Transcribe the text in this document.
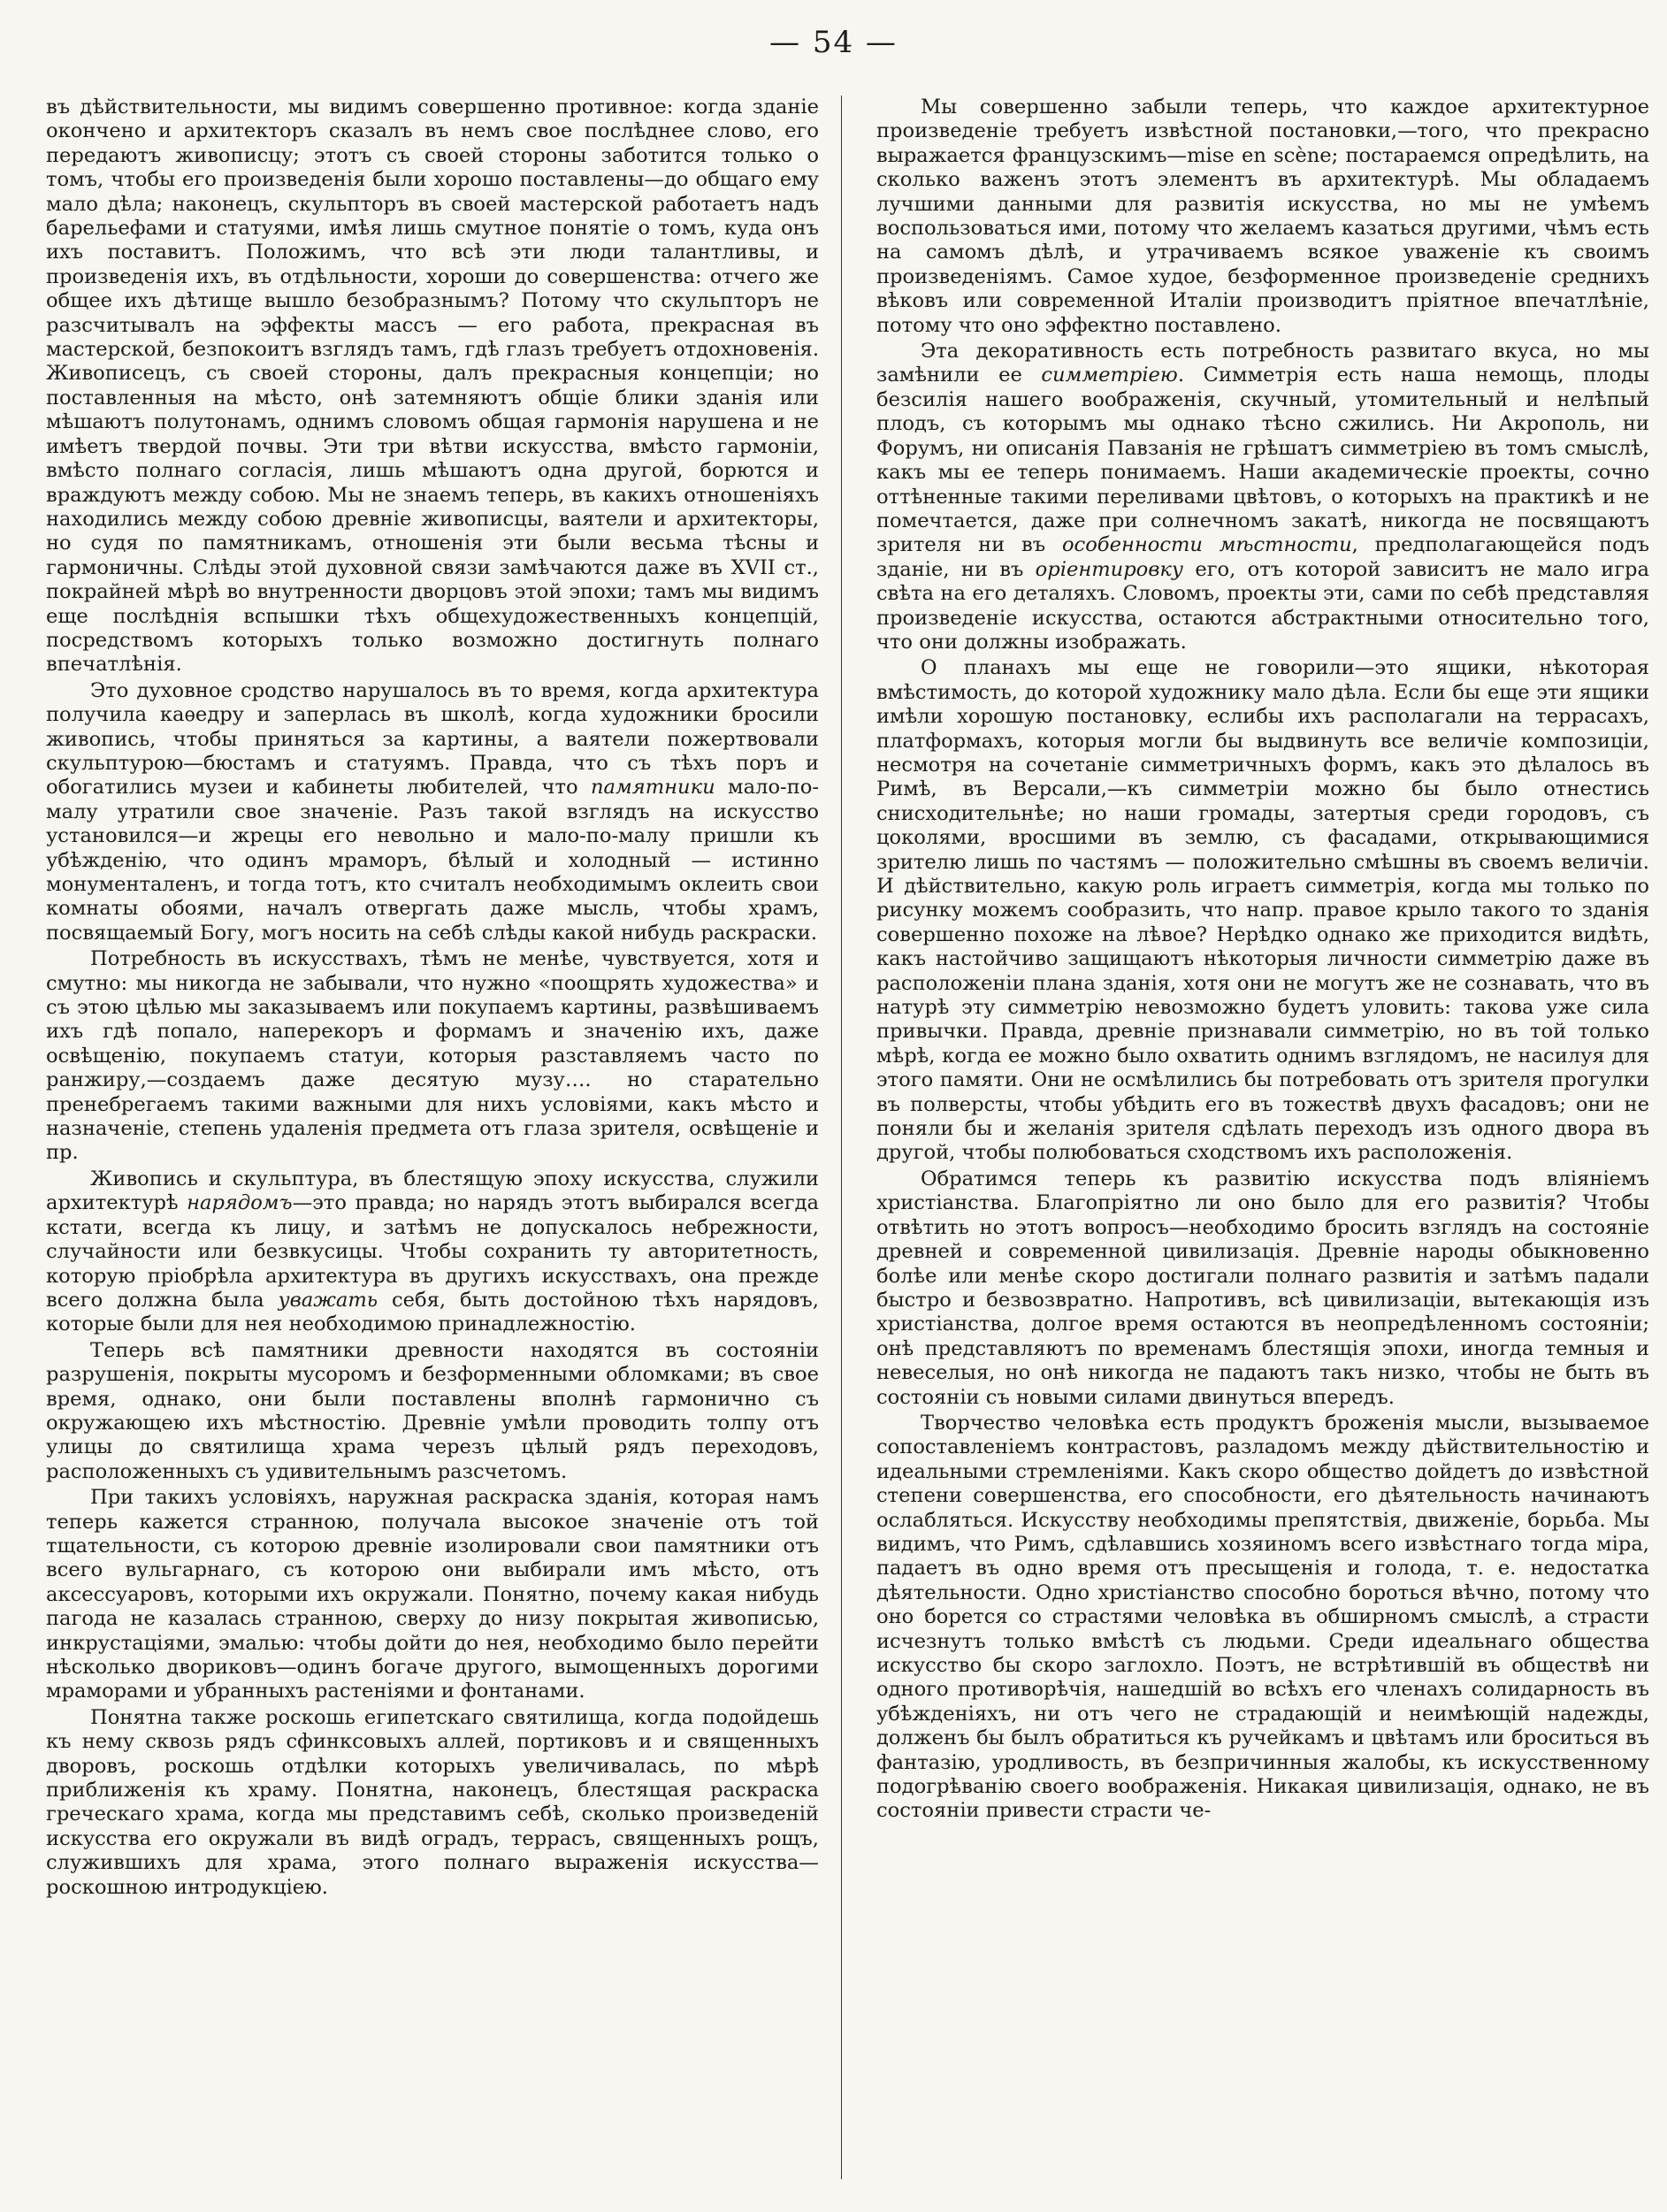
— 54 —

въ дѣйствительности, мы видимъ совершенно противное: когда зданіе окончено и архитекторъ сказалъ въ немъ свое послѣднее слово, его передаютъ живописцу; этотъ съ своей стороны заботится только о томъ, чтобы его произведенія были хорошо поставлены—до общаго ему мало дѣла; наконецъ, скульпторъ въ своей мастерской работаетъ надъ барельефами и статуями, имѣя лишь смутное понятіе о томъ, куда онъ ихъ поставитъ. Положимъ, что всѣ эти люди талантливы, и произведенія ихъ, въ отдѣльности, хороши до совершенства: отчего же общее ихъ дѣтище вышло безобразнымъ? Потому что скульпторъ не разсчитывалъ на эффекты массъ — его работа, прекрасная въ мастерской, безпокоитъ взглядъ тамъ, гдѣ глазъ требуетъ отдохновенія. Живописецъ, съ своей стороны, далъ прекрасныя концепціи; но поставленныя на мѣсто, онѣ затемняютъ общіе блики зданія или мѣшаютъ полутонамъ, однимъ словомъ общая гармонія нарушена и не имѣетъ твердой почвы. Эти три вѣтви искусства, вмѣсто гармоніи, вмѣсто полнаго согласія, лишь мѣшаютъ одна другой, борются и враждуютъ между собою. Мы не знаемъ теперь, въ какихъ отношеніяхъ находились между собою древніе живописцы, ваятели и архитекторы, но судя по памятникамъ, отношенія эти были весьма тѣсны и гармоничны. Слѣды этой духовной связи замѣчаются даже въ XVII ст., покрайней мѣрѣ во внутренности дворцовъ этой эпохи; тамъ мы видимъ еще послѣднія вспышки тѣхъ общехудожественныхъ концепцій, посредствомъ которыхъ только возможно достигнуть полнаго впечатлѣнія.

Это духовное сродство нарушалось въ то время, когда архитектура получила каѳедру и заперлась въ школѣ, когда художники бросили живопись, чтобы приняться за картины, а ваятели пожертвовали скульптурою—бюстамъ и статуямъ. Правда, что съ тѣхъ поръ и обогатились музеи и кабинеты любителей, что памятники мало-по-малу утратили свое значеніе. Разъ такой взглядъ на искусство установился—и жрецы его невольно и мало-по-малу пришли къ убѣжденію, что одинъ мраморъ, бѣлый и холодный — истинно монументаленъ, и тогда тотъ, кто считалъ необходимымъ оклеить свои комнаты обоями, началъ отвергать даже мысль, чтобы храмъ, посвящаемый Богу, могъ носить на себѣ слѣды какой нибудь раскраски.

Потребность въ искусствахъ, тѣмъ не менѣе, чувствуется, хотя и смутно: мы никогда не забывали, что нужно «поощрять художества» и съ этою цѣлью мы заказываемъ или покупаемъ картины, развѣшиваемъ ихъ гдѣ попало, наперекоръ и формамъ и значенію ихъ, даже освѣщенію, покупаемъ статуи, которыя разставляемъ часто по ранжиру,—создаемъ даже десятую музу…. но старательно пренебрегаемъ такими важными для нихъ условіями, какъ мѣсто и назначеніе, степень удаленія предмета отъ глаза зрителя, освѣщеніе и пр.

Живопись и скульптура, въ блестящую эпоху искусства, служили архитектурѣ нарядомъ—это правда; но нарядъ этотъ выбирался всегда кстати, всегда къ лицу, и затѣмъ не допускалось небрежности, случайности или безвкусицы. Чтобы сохранить ту авторитетность, которую пріобрѣла архитектура въ другихъ искусствахъ, она прежде всего должна была уважать себя, быть достойною тѣхъ нарядовъ, которые были для нея необходимою принадлежностію.

Теперь всѣ памятники древности находятся въ состояніи разрушенія, покрыты мусоромъ и безформенными обломками; въ свое время, однако, они были поставлены вполнѣ гармонично съ окружающею ихъ мѣстностію. Древніе умѣли проводить толпу отъ улицы до святилища храма черезъ цѣлый рядъ переходовъ, расположенныхъ съ удивительнымъ разсчетомъ.

При такихъ условіяхъ, наружная раскраска зданія, которая намъ теперь кажется странною, получала высокое значеніе отъ той тщательности, съ которою древніе изолировали свои памятники отъ всего вульгарнаго, съ которою они выбирали имъ мѣсто, отъ аксессуаровъ, которыми ихъ окружали. Понятно, почему какая нибудь пагода не казалась странною, сверху до низу покрытая живописью, инкрустаціями, эмалью: чтобы дойти до нея, необходимо было перейти нѣсколько двориковъ—одинъ богаче другого, вымощенныхъ дорогими мраморами и убранныхъ растеніями и фонтанами.

Понятна также роскошь египетскаго святилища, когда подойдешь къ нему сквозь рядъ сфинксовыхъ аллей, портиковъ и и священныхъ дворовъ, роскошь отдѣлки которыхъ увеличивалась, по мѣрѣ приближенія къ храму. Понятна, наконецъ, блестящая раскраска греческаго храма, когда мы представимъ себѣ, сколько произведеній искусства его окружали въ видѣ оградъ, террасъ, священныхъ рощъ, служившихъ для храма, этого полнаго выраженія искусства—роскошною интродукціею.

Мы совершенно забыли теперь, что каждое архитектурное произведеніе требуетъ извѣстной постановки,—того, что прекрасно выражается французскимъ—mise en scène; постараемся опредѣлить, на сколько важенъ этотъ элементъ въ архитектурѣ. Мы обладаемъ лучшими данными для развитія искусства, но мы не умѣемъ воспользоваться ими, потому что желаемъ казаться другими, чѣмъ есть на самомъ дѣлѣ, и утрачиваемъ всякое уваженіе къ своимъ произведеніямъ. Самое худое, безформенное произведеніе среднихъ вѣковъ или современной Италіи производитъ пріятное впечатлѣніе, потому что оно эффектно поставлено.

Эта декоративность есть потребность развитаго вкуса, но мы замѣнили ее симметріею. Симметрія есть наша немощь, плоды безсилія нашего воображенія, скучный, утомительный и нелѣпый плодъ, съ которымъ мы однако тѣсно сжились. Ни Акрополь, ни Форумъ, ни описанія Павзанія не грѣшатъ симметріею въ томъ смыслѣ, какъ мы ее теперь понимаемъ. Наши академическіе проекты, сочно оттѣненные такими переливами цвѣтовъ, о которыхъ на практикѣ и не помечтается, даже при солнечномъ закатѣ, никогда не посвящаютъ зрителя ни въ особенности мѣстности, предполагающейся подъ зданіе, ни въ оріентировку его, отъ которой зависитъ не мало игра свѣта на его деталяхъ. Словомъ, проекты эти, сами по себѣ представляя произведеніе искусства, остаются абстрактными относительно того, что они должны изображать.

О планахъ мы еще не говорили—это ящики, нѣкоторая вмѣстимость, до которой художнику мало дѣла. Если бы еще эти ящики имѣли хорошую постановку, еслибы ихъ располагали на террасахъ, платформахъ, которыя могли бы выдвинуть все величіе композиціи, несмотря на сочетаніе симметричныхъ формъ, какъ это дѣлалось въ Римѣ, въ Версали,—къ симметріи можно бы было отнестись снисходительнѣе; но наши громады, затертыя среди городовъ, съ цоколями, вросшими въ землю, съ фасадами, открывающимися зрителю лишь по частямъ — положительно смѣшны въ своемъ величіи. И дѣйствительно, какую роль играетъ симметрія, когда мы только по рисунку можемъ сообразить, что напр. правое крыло такого то зданія совершенно похоже на лѣвое? Нерѣдко однако же приходится видѣть, какъ настойчиво защищаютъ нѣкоторыя личности симметрію даже въ расположеніи плана зданія, хотя они не могутъ же не сознавать, что въ натурѣ эту симметрію невозможно будетъ уловить: такова уже сила привычки. Правда, древніе признавали симметрію, но въ той только мѣрѣ, когда ее можно было охватить однимъ взглядомъ, не насилуя для этого памяти. Они не осмѣлились бы потребовать отъ зрителя прогулки въ полверсты, чтобы убѣдить его въ тожествѣ двухъ фасадовъ; они не поняли бы и желанія зрителя сдѣлать переходъ изъ одного двора въ другой, чтобы полюбоваться сходствомъ ихъ расположенія.

Обратимся теперь къ развитію искусства подъ вліяніемъ христіанства. Благопріятно ли оно было для его развитія? Чтобы отвѣтить но этотъ вопросъ—необходимо бросить взглядъ на состояніе древней и современной цивилизація. Древніе народы обыкновенно болѣе или менѣе скоро достигали полнаго развитія и затѣмъ падали быстро и безвозвратно. Напротивъ, всѣ цивилизаціи, вытекающія изъ христіанства, долгое время остаются въ неопредѣленномъ состояніи; онѣ представляютъ по временамъ блестящія эпохи, иногда темныя и невеселыя, но онѣ никогда не падаютъ такъ низко, чтобы не быть въ состояніи съ новыми силами двинуться впередъ.

Творчество человѣка есть продуктъ броженія мысли, вызываемое сопоставленіемъ контрастовъ, разладомъ между дѣйствительностію и идеальными стремленіями. Какъ скоро общество дойдетъ до извѣстной степени совершенства, его способности, его дѣятельность начинаютъ ослабляться. Искусству необходимы препятствія, движеніе, борьба. Мы видимъ, что Римъ, сдѣлавшись хозяиномъ всего извѣстнаго тогда міра, падаетъ въ одно время отъ пресыщенія и голода, т. е. недостатка дѣятельности. Одно христіанство способно бороться вѣчно, потому что оно борется со страстями человѣка въ обширномъ смыслѣ, а страсти исчезнутъ только вмѣстѣ съ людьми. Среди идеальнаго общества искусство бы скоро заглохло. Поэтъ, не встрѣтившій въ обществѣ ни одного противорѣчія, нашедшій во всѣхъ его членахъ солидарность въ убѣжденіяхъ, ни отъ чего не страдающій и неимѣющій надежды, долженъ бы былъ обратиться къ ручейкамъ и цвѣтамъ или броситься въ фантазію, уродливость, въ безпричинныя жалобы, къ искусственному подогрѣванію своего воображенія. Никакая цивилизація, однако, не въ состояніи привести страсти че-
